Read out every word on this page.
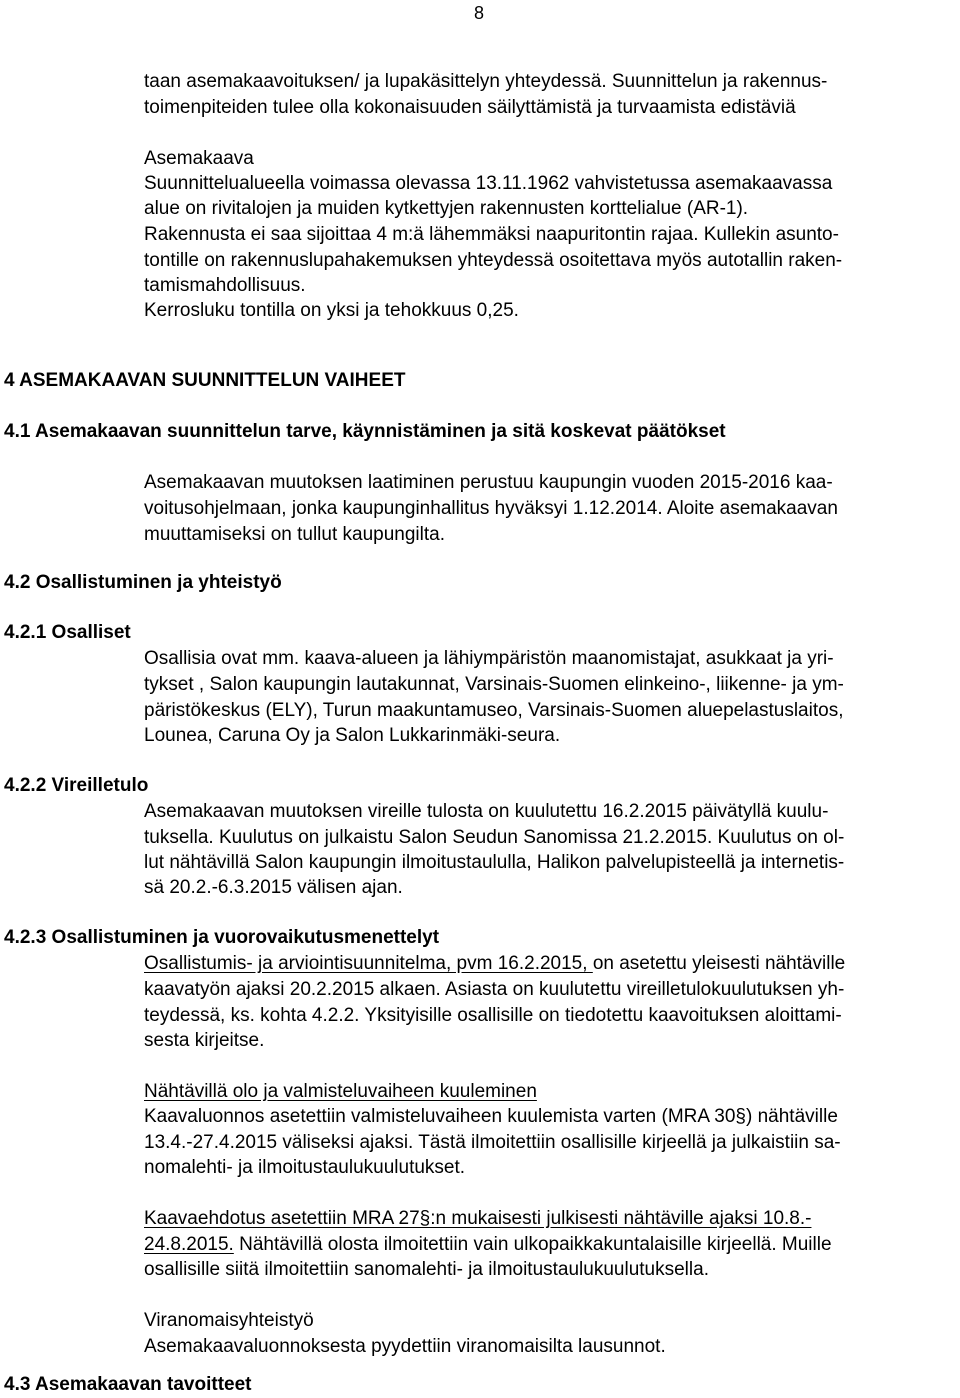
8

taan asemakaavoituksen/ ja lupakäsittelyn yhteydessä. Suunnittelun ja rakennus-

toimenpiteiden tulee olla kokonaisuuden säilyttämistä ja turvaamista edistäviä

Asemakaava

Suunnittelualueella voimassa olevassa 13.11.1962 vahvistetussa asemakaavassa

alue on rivitalojen ja muiden kytkettyjen rakennusten korttelialue (AR-1).

Rakennusta ei saa sijoittaa 4 m:ä lähemmäksi naapuritontin rajaa. Kullekin asunto-

tontille on rakennuslupahakemuksen yhteydessä osoitettava myös autotallin raken-

tamismahdollisuus.

Kerrosluku tontilla on yksi ja tehokkuus 0,25.

4 ASEMAKAAVAN SUUNNITTELUN VAIHEET
4.1 Asemakaavan suunnittelun tarve, käynnistäminen ja sitä koskevat päätökset

Asemakaavan muutoksen laatiminen perustuu kaupungin vuoden 2015-2016 kaa-

voitusohjelmaan, jonka kaupunginhallitus hyväksyi 1.12.2014. Aloite asemakaavan

muuttamiseksi on tullut kaupungilta.

4.2 Osallistuminen ja yhteistyö
4.2.1 Osalliset

Osallisia ovat mm. kaava-alueen ja lähiympäristön maanomistajat, asukkaat ja yri-

tykset , Salon kaupungin lautakunnat, Varsinais-Suomen elinkeino-, liikenne- ja ym-

päristökeskus (ELY), Turun maakuntamuseo, Varsinais-Suomen aluepelastuslaitos,

Lounea, Caruna Oy ja Salon Lukkarinmäki-seura.

4.2.2 Vireilletulo

Asemakaavan muutoksen vireille tulosta on kuulutettu 16.2.2015 päivätyllä kuulu-

tuksella. Kuulutus on julkaistu Salon Seudun Sanomissa 21.2.2015. Kuulutus on ol-

lut nähtävillä Salon kaupungin ilmoitustaululla, Halikon palvelupisteellä ja internetis-

sä 20.2.-6.3.2015 välisen ajan.

4.2.3 Osallistuminen ja vuorovaikutusmenettelyt

Osallistumis- ja arviointisuunnitelma, pvm 16.2.2015, on asetettu yleisesti nähtäville

kaavatyön ajaksi 20.2.2015 alkaen. Asiasta on kuulutettu vireilletulokuulutuksen yh-

teydessä, ks. kohta 4.2.2. Yksityisille osallisille on tiedotettu kaavoituksen aloittami-

sesta kirjeitse.

Nähtävillä olo ja valmisteluvaiheen kuuleminen

Kaavaluonnos asetettiin valmisteluvaiheen kuulemista varten (MRA 30§) nähtäville

13.4.-27.4.2015 väliseksi ajaksi. Tästä ilmoitettiin osallisille kirjeellä ja julkaistiin sa-

nomalehti- ja ilmoitustaulukuulutukset.

Kaavaehdotus asetettiin MRA 27§:n mukaisesti julkisesti nähtäville ajaksi 10.8.-

24.8.2015. Nähtävillä olosta ilmoitettiin vain ulkopaikkakuntalaisille kirjeellä. Muille

osallisille siitä ilmoitettiin sanomalehti- ja ilmoitustaulukuulutuksella.

Viranomaisyhteistyö

Asemakaavaluonnoksesta pyydettiin viranomaisilta lausunnot.

4.3 Asemakaavan tavoitteet
